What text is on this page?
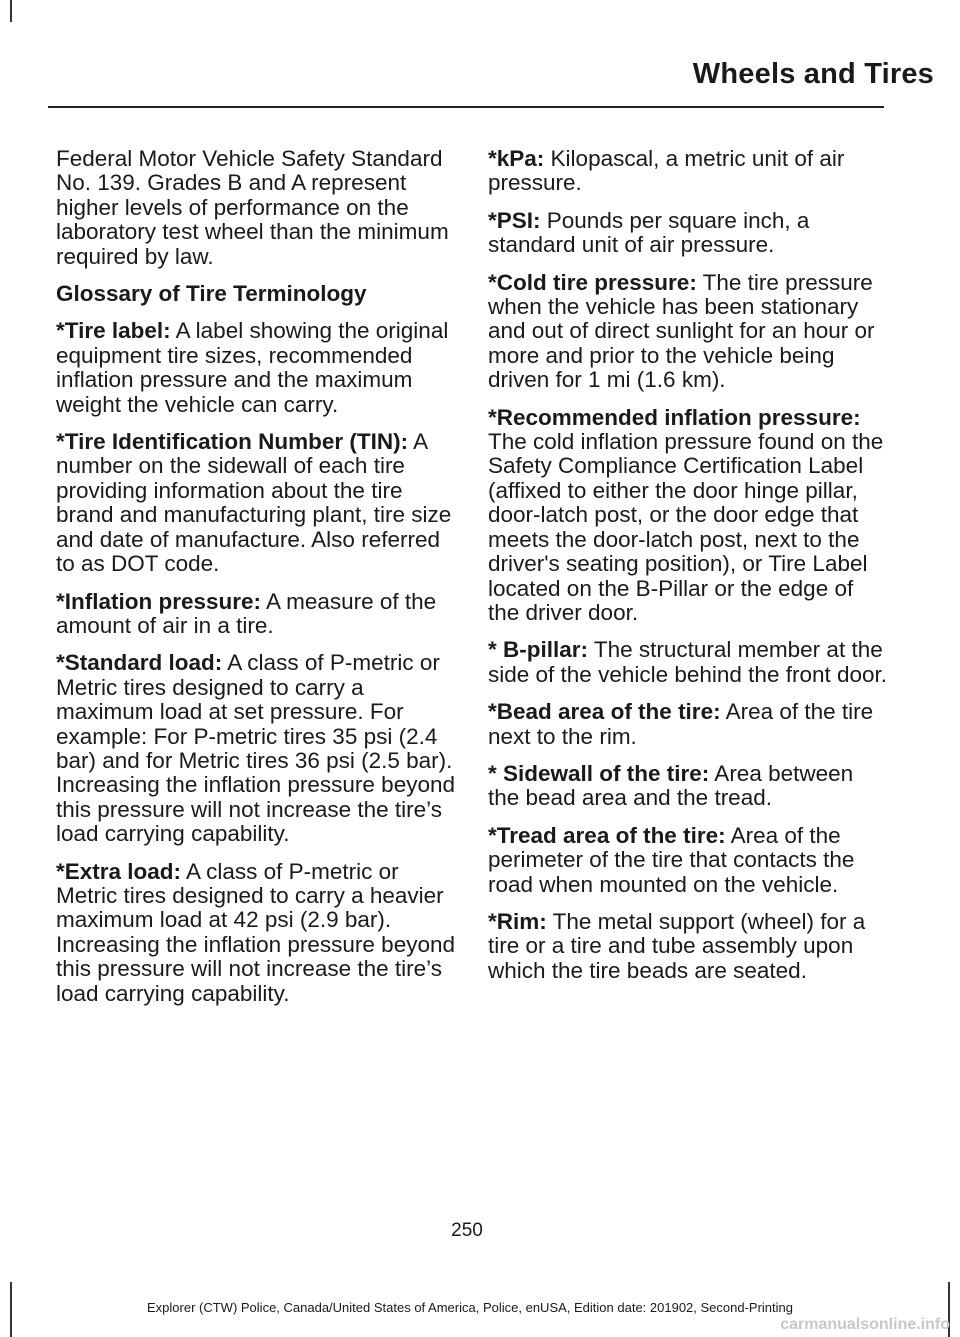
Wheels and Tires

Federal Motor Vehicle Safety Standard No. 139. Grades B and A represent higher levels of performance on the laboratory test wheel than the minimum required by law.

Glossary of Tire Terminology

*Tire label: A label showing the original equipment tire sizes, recommended inflation pressure and the maximum weight the vehicle can carry.

*Tire Identification Number (TIN): A number on the sidewall of each tire providing information about the tire brand and manufacturing plant, tire size and date of manufacture. Also referred to as DOT code.

*Inflation pressure: A measure of the amount of air in a tire.

*Standard load: A class of P-metric or Metric tires designed to carry a maximum load at set pressure. For example: For P-metric tires 35 psi (2.4 bar) and for Metric tires 36 psi (2.5 bar). Increasing the inflation pressure beyond this pressure will not increase the tire’s load carrying capability.

*Extra load: A class of P-metric or Metric tires designed to carry a heavier maximum load at 42 psi (2.9 bar). Increasing the inflation pressure beyond this pressure will not increase the tire’s load carrying capability.

*kPa: Kilopascal, a metric unit of air pressure.

*PSI: Pounds per square inch, a standard unit of air pressure.

*Cold tire pressure: The tire pressure when the vehicle has been stationary and out of direct sunlight for an hour or more and prior to the vehicle being driven for 1 mi (1.6 km).

*Recommended inflation pressure: The cold inflation pressure found on the Safety Compliance Certification Label (affixed to either the door hinge pillar, door-latch post, or the door edge that meets the door-latch post, next to the driver's seating position), or Tire Label located on the B-Pillar or the edge of the driver door.

* B-pillar: The structural member at the side of the vehicle behind the front door.

*Bead area of the tire: Area of the tire next to the rim.

* Sidewall of the tire: Area between the bead area and the tread.

*Tread area of the tire: Area of the perimeter of the tire that contacts the road when mounted on the vehicle.

*Rim: The metal support (wheel) for a tire or a tire and tube assembly upon which the tire beads are seated.

250
Explorer (CTW) Police, Canada/United States of America, Police, enUSA, Edition date: 201902, Second-Printing
carmanualsonline.info
